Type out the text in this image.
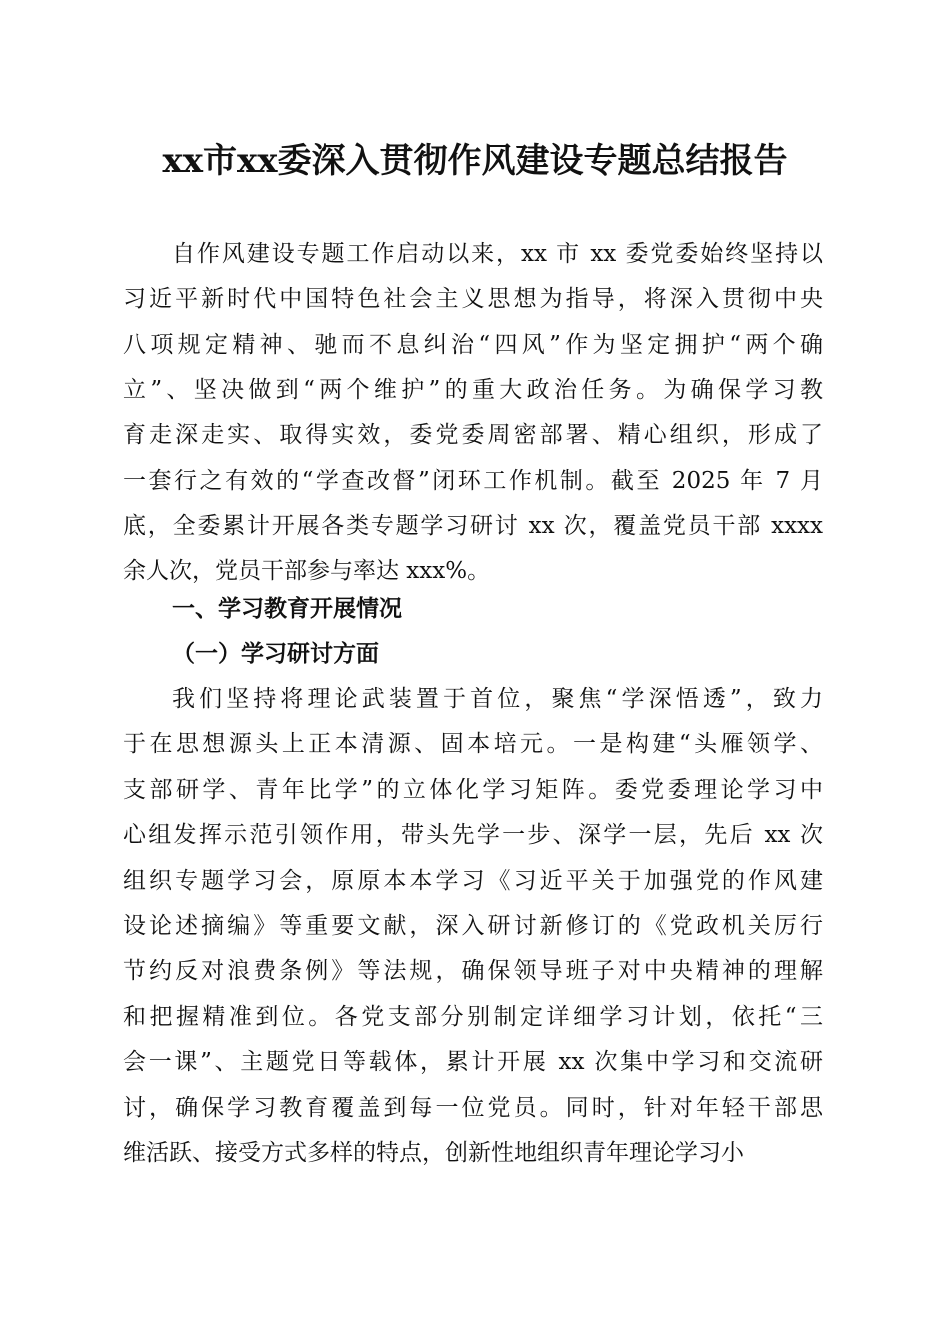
xx市xx委深入贯彻作风建设专题总结报告
自作风建设专题工作启动以来，xx 市 xx 委党委始终坚持以
习近平新时代中国特色社会主义思想为指导，将深入贯彻中央
八项规定精神、驰而不息纠治“四风”作为坚定拥护“两个确
立”、坚决做到“两个维护”的重大政治任务。为确保学习教
育走深走实、取得实效，委党委周密部署、精心组织，形成了
一套行之有效的“学查改督”闭环工作机制。截至 2025 年 7 月
底，全委累计开展各类专题学习研讨 xx 次，覆盖党员干部 xxxx
余人次，党员干部参与率达 xxx%。
一、学习教育开展情况
（一）学习研讨方面
我们坚持将理论武装置于首位，聚焦“学深悟透”，致力
于在思想源头上正本清源、固本培元。一是构建“头雁领学、
支部研学、青年比学”的立体化学习矩阵。委党委理论学习中
心组发挥示范引领作用，带头先学一步、深学一层，先后 xx 次
组织专题学习会，原原本本学习《习近平关于加强党的作风建
设论述摘编》等重要文献，深入研讨新修订的《党政机关厉行
节约反对浪费条例》等法规，确保领导班子对中央精神的理解
和把握精准到位。各党支部分别制定详细学习计划，依托“三
会一课”、主题党日等载体，累计开展 xx 次集中学习和交流研
讨，确保学习教育覆盖到每一位党员。同时，针对年轻干部思
维活跃、接受方式多样的特点，创新性地组织青年理论学习小
